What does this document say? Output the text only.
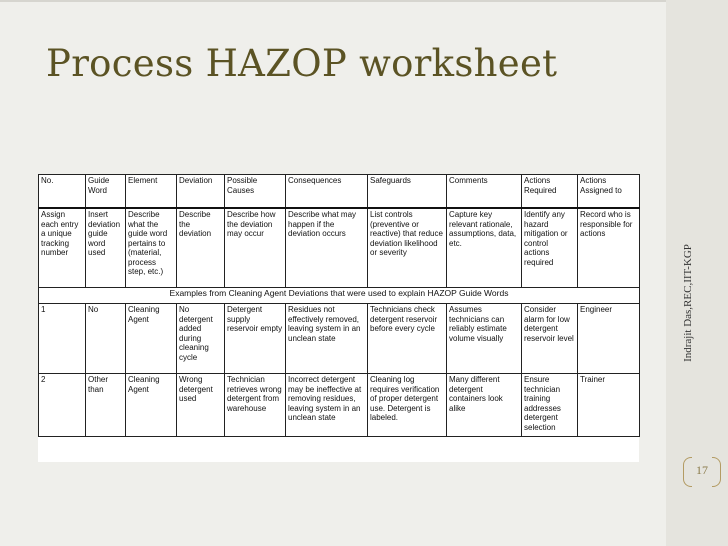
Process HAZOP worksheet
No.	Guide Word	Element	Deviation	Possible Causes	Consequences	Safeguards	Comments	Actions Required	Actions Assigned to
Assign each entry a unique tracking number	Insert deviation guide word used	Describe what the guide word pertains to (material, process step, etc.)	Describe the deviation	Describe how the deviation may occur	Describe what may happen if the deviation occurs	List controls (preventive or reactive) that reduce deviation likelihood or severity	Capture key relevant rationale, assumptions, data, etc.	Identify any hazard mitigation or control actions required	Record who is responsible for actions
Examples from Cleaning Agent Deviations that were used to explain HAZOP Guide Words									
1	No	Cleaning Agent	No detergent added during cleaning cycle	Detergent supply reservoir empty	Residues not effectively removed, leaving system in an unclean state	Technicians check detergent reservoir before every cycle	Assumes technicians can reliably estimate volume visually	Consider alarm for low detergent reservoir level	Engineer
2	Other than	Cleaning Agent	Wrong detergent used	Technician retrieves wrong detergent from warehouse	Incorrect detergent may be ineffective at removing residues, leaving system in an unclean state	Cleaning log requires verification of proper detergent use. Detergent is labeled.	Many different detergent containers look alike	Ensure technician training addresses detergent selection	Trainer
Indrajit Das,REC,IIT-KGP
17
